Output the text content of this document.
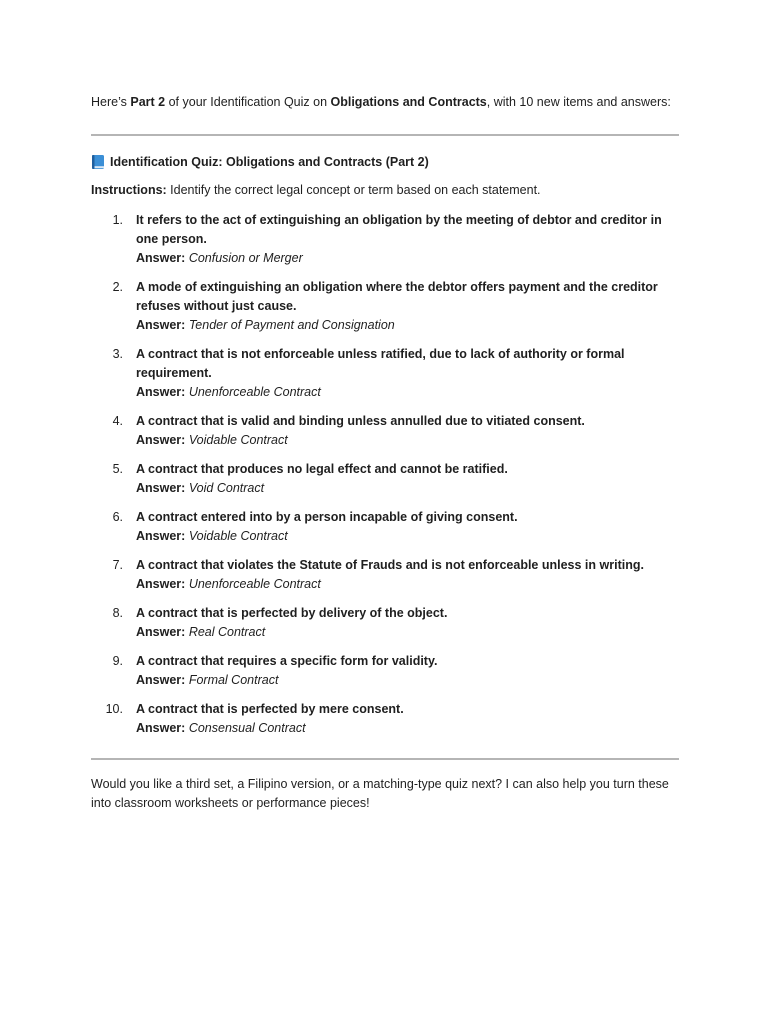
Here’s Part 2 of your Identification Quiz on Obligations and Contracts, with 10 new items and answers:
Identification Quiz: Obligations and Contracts (Part 2)
Instructions: Identify the correct legal concept or term based on each statement.
1. It refers to the act of extinguishing an obligation by the meeting of debtor and creditor in one person.
Answer: Confusion or Merger
2. A mode of extinguishing an obligation where the debtor offers payment and the creditor refuses without just cause.
Answer: Tender of Payment and Consignation
3. A contract that is not enforceable unless ratified, due to lack of authority or formal requirement.
Answer: Unenforceable Contract
4. A contract that is valid and binding unless annulled due to vitiated consent.
Answer: Voidable Contract
5. A contract that produces no legal effect and cannot be ratified.
Answer: Void Contract
6. A contract entered into by a person incapable of giving consent.
Answer: Voidable Contract
7. A contract that violates the Statute of Frauds and is not enforceable unless in writing.
Answer: Unenforceable Contract
8. A contract that is perfected by delivery of the object.
Answer: Real Contract
9. A contract that requires a specific form for validity.
Answer: Formal Contract
10. A contract that is perfected by mere consent.
Answer: Consensual Contract
Would you like a third set, a Filipino version, or a matching-type quiz next? I can also help you turn these into classroom worksheets or performance pieces!
